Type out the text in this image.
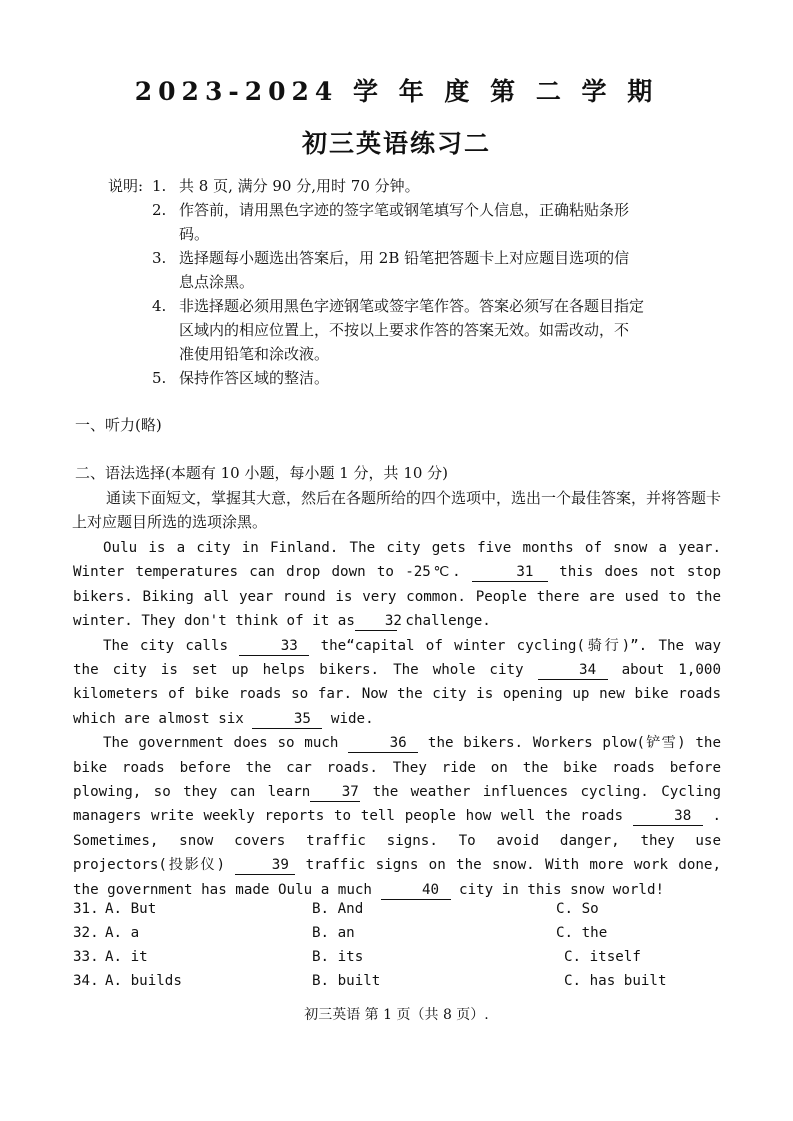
2023-2024 学 年 度 第 二 学 期
初三英语练习二
说明: 1. 共 8 页, 满分 90 分,用时 70 分钟。
2. 作答前，请用黑色字迹的签字笔或钢笔填写个人信息，正确粘贴条形
码。
3. 选择题每小题选出答案后，用 2B 铅笔把答题卡上对应题目选项的信
息点涂黑。
4. 非选择题必须用黑色字迹钢笔或签字笔作答。答案必须写在各题目指定
区域内的相应位置上，不按以上要求作答的答案无效。如需改动，不
准使用铅笔和涂改液。
5. 保持作答区域的整洁。
一、听力(略)
二、语法选择(本题有 10 小题，每小题 1 分，共 10 分)
通读下面短文，掌握其大意，然后在各题所给的四个选项中，选出一个最佳答案，并将答题卡上对应题目所选的选项涂黑。

Oulu is a city in Finland. The city gets five months of snow a year. Winter temperatures can drop down to -25℃.	31 this does not stop bikers. Biking all year round is very common. People there are used to the winter. They don't think of it as 32 challenge.

The city calls	33 the“capital of winter cycling(骑行)”. The way the city is set up helps bikers. The whole city	34 about 1,000 kilometers of bike roads so far. Now the city is opening up new bike roads which are almost six	35 wide.

The government does so much	36 the bikers. Workers plow(铲雪) the bike roads before the car roads. They ride on the bike roads before plowing, so they can learn 37 the weather influences cycling. Cycling managers write weekly reports to tell people how well the roads	38 . Sometimes, snow covers traffic signs. To avoid danger, they use projectors(投影仪)	39 traffic signs on the snow. With more work done, the government has made Oulu a much	40 city in this snow world!

31. A. But	B. And	C. So
32. A. a	B. an	C. the
33. A. it	B. its	C. itself
34. A. builds	B. built	C. has built
初三英语 第 1 页（共 8 页）.
